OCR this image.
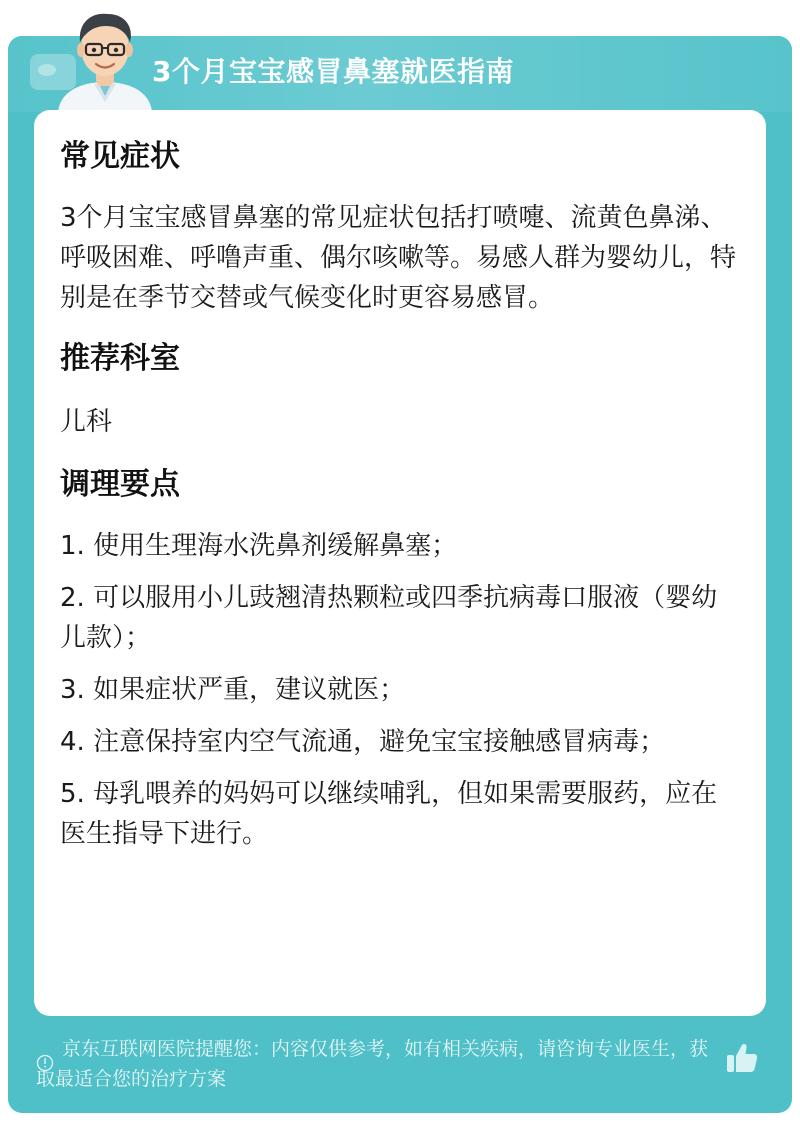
3个月宝宝感冒鼻塞就医指南
常见症状

3个月宝宝感冒鼻塞的常见症状包括打喷嚏、流黄色鼻涕、呼吸困难、呼噜声重、偶尔咳嗽等。易感人群为婴幼儿，特别是在季节交替或气候变化时更容易感冒。

推荐科室

儿科

调理要点
1. 使用生理海水洗鼻剂缓解鼻塞；
2. 可以服用小儿豉翘清热颗粒或四季抗病毒口服液（婴幼儿款）；
3. 如果症状严重，建议就医；
4. 注意保持室内空气流通，避免宝宝接触感冒病毒；
5. 母乳喂养的妈妈可以继续哺乳，但如果需要服药，应在医生指导下进行。
京东互联网医院提醒您：内容仅供参考，如有相关疾病，请咨询专业医生，获取最适合您的治疗方案
